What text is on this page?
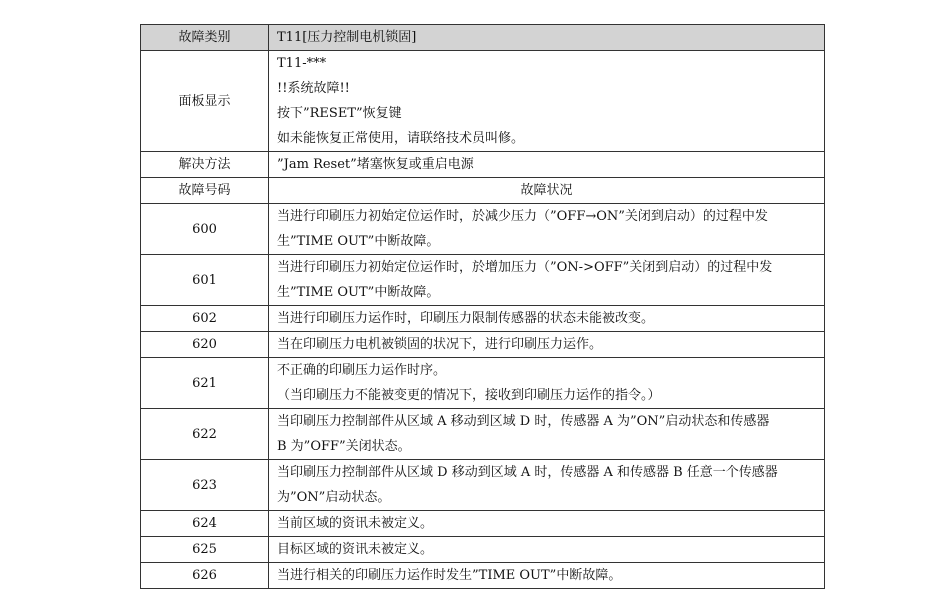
故障类别	T11[压力控制电机锁固]
面板显示	T11-***
!!系统故障!!
按下”RESET”恢复键
如未能恢复正常使用，请联络技术员叫修。

解决方法	”Jam Reset”堵塞恢复或重启电源
故障号码	故障状况
600	当进行印刷压力初始定位运作时，於减少压力（”OFF→ON”关闭到启动）的过程中发
生”TIME OUT”中断故障。

601	当进行印刷压力初始定位运作时，於增加压力（”ON->OFF”关闭到启动）的过程中发
生”TIME OUT”中断故障。

602	当进行印刷压力运作时，印刷压力限制传感器的状态未能被改变。

620	当在印刷压力电机被锁固的状况下，进行印刷压力运作。

621	不正确的印刷压力运作时序。
（当印刷压力不能被变更的情况下，接收到印刷压力运作的指令。）

622	当印刷压力控制部件从区域 A 移动到区域 D 时，传感器 A 为”ON”启动状态和传感器
B 为”OFF”关闭状态。

623	当印刷压力控制部件从区域 D 移动到区域 A 时，传感器 A 和传感器 B 任意一个传感器
为”ON”启动状态。

624	当前区域的资讯未被定义。

625	目标区域的资讯未被定义。

626	当进行相关的印刷压力运作时发生”TIME OUT”中断故障。
